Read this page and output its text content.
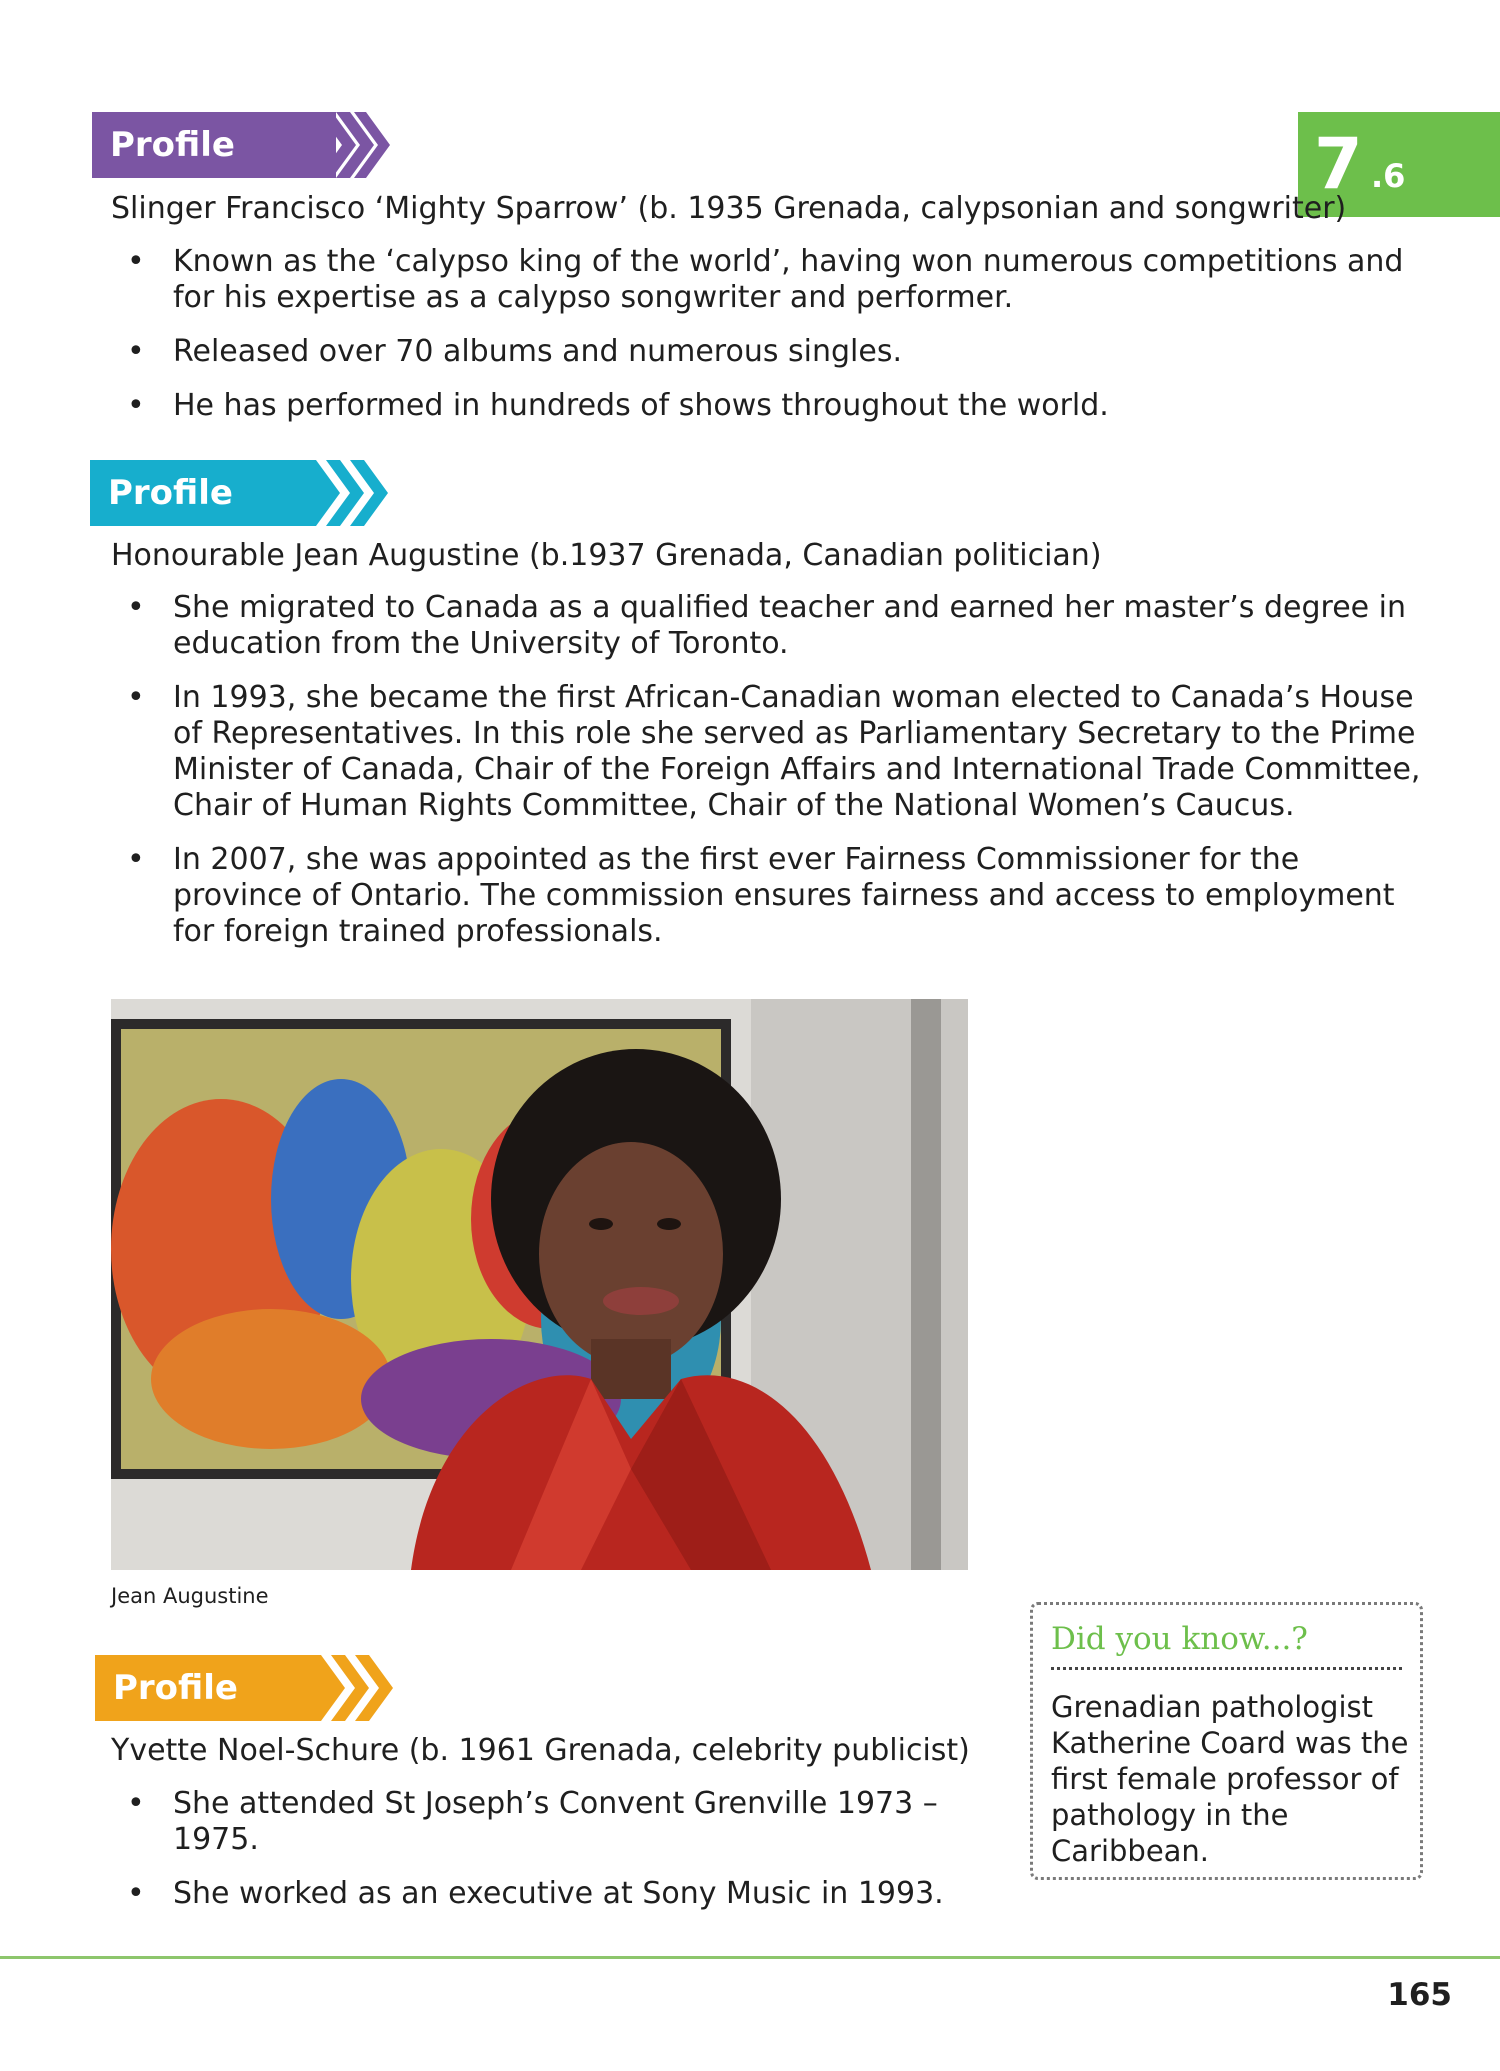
7 .6
Profile

Slinger Francisco ‘Mighty Sparrow’ (b. 1935 Grenada, calypsonian and songwriter)

• Known as the ‘calypso king of the world’, having won numerous competitions and for his expertise as a calypso songwriter and performer.
• Released over 70 albums and numerous singles.
• He has performed in hundreds of shows throughout the world.
Profile

Honourable Jean Augustine (b.1937 Grenada, Canadian politician)

• She migrated to Canada as a qualified teacher and earned her master’s degree in education from the University of Toronto.
• In 1993, she became the first African-Canadian woman elected to Canada’s House of Representatives. In this role she served as Parliamentary Secretary to the Prime Minister of Canada, Chair of the Foreign Affairs and International Trade Committee, Chair of Human Rights Committee, Chair of the National Women’s Caucus.
• In 2007, she was appointed as the first ever Fairness Commissioner for the province of Ontario. The commission ensures fairness and access to employment for foreign trained professionals.
Jean Augustine
Did you know...?
Grenadian pathologist Katherine Coard was the first female professor of pathology in the Caribbean.
Profile

Yvette Noel-Schure (b. 1961 Grenada, celebrity publicist)

• She attended St Joseph’s Convent Grenville 1973 – 1975.
• She worked as an executive at Sony Music in 1993.
165
